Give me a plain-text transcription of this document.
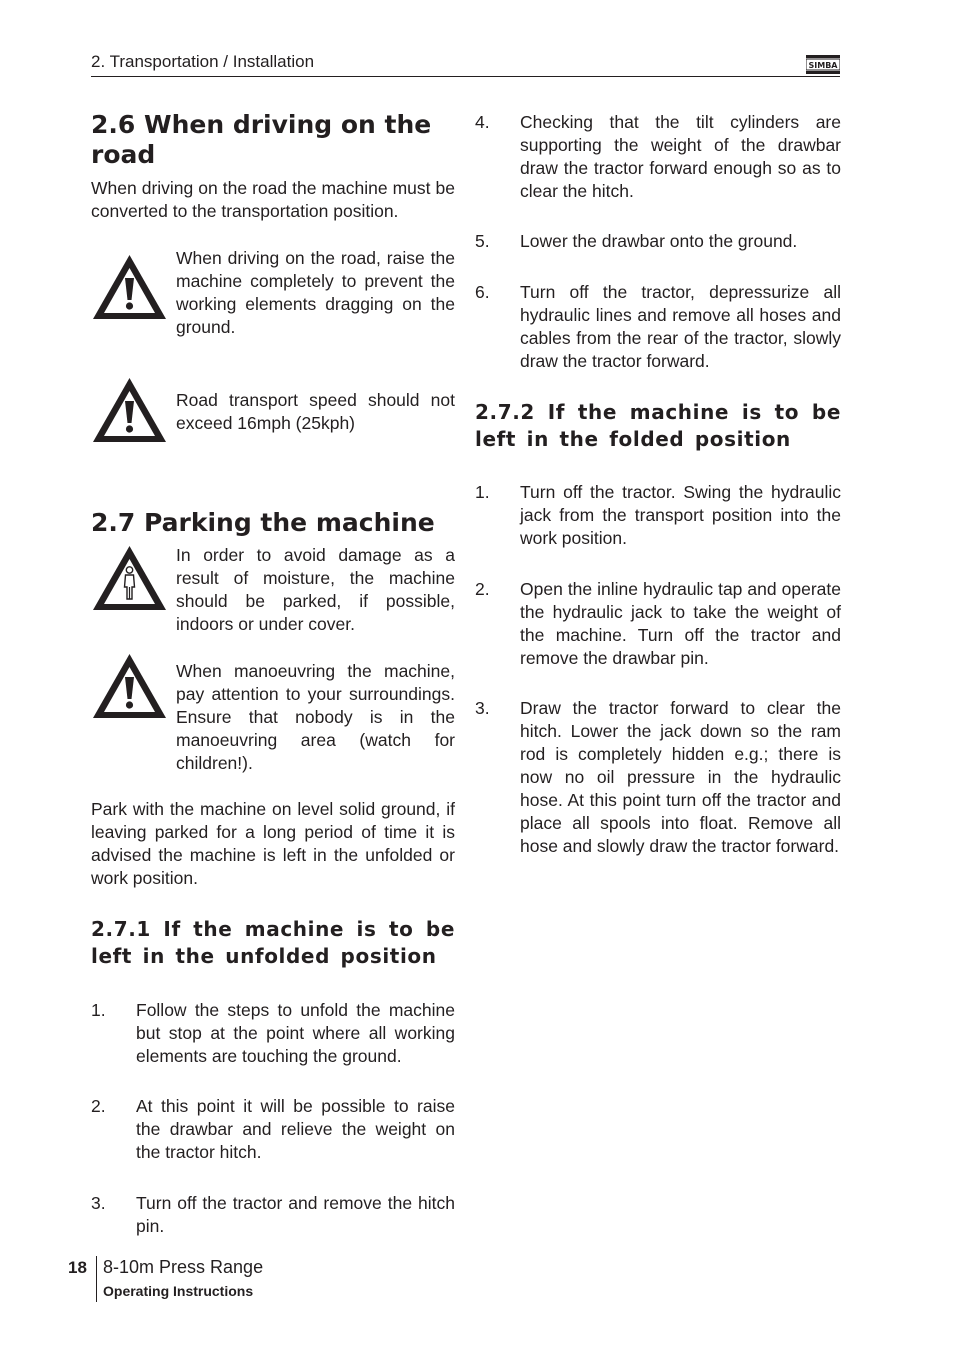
2. Transportation / Installation	SIMBA
2.6 When driving on the road

When driving on the road the machine must be converted to the transportation position.

When driving on the road, raise the machine completely to prevent the working elements dragging on the ground.

Road transport speed should not exceed 16mph (25kph)

2.7 Parking the machine

In order to avoid damage as a result of moisture, the machine should be parked, if possible, indoors or under cover.

When manoeuvring the machine, pay attention to your surroundings. Ensure that nobody is in the manoeuvring area (watch for children!).

Park with the machine on level solid ground, if leaving parked for a long period of time it is advised the machine is left in the unfolded or work position.

2.7.1 If the machine is to be left in the unfolded position
1. Follow the steps to unfold the machine but stop at the point where all working elements are touching the ground.

2. At this point it will be possible to raise the drawbar and relieve the weight on the tractor hitch.

3. Turn off the tractor and remove the hitch pin.

4. Checking that the tilt cylinders are supporting the weight of the drawbar draw the tractor forward enough so as to clear the hitch.

5. Lower the drawbar onto the ground.

6. Turn off the tractor, depressurize all hydraulic lines and remove all hoses and cables from the rear of the tractor, slowly draw the tractor forward.

2.7.2 If the machine is to be left in the folded position
1. Turn off the tractor. Swing the hydraulic jack from the transport position into the work position.

2. Open the inline hydraulic tap and operate the hydraulic jack to take the weight of the machine. Turn off the tractor and remove the drawbar pin.

3. Draw the tractor forward to clear the hitch. Lower the jack down so the ram rod is completely hidden e.g.; there is now no oil pressure in the hydraulic hose. At this point turn off the tractor and place all spools into float. Remove all hose and slowly draw the tractor forward.

18 8-10m Press Range
Operating Instructions
